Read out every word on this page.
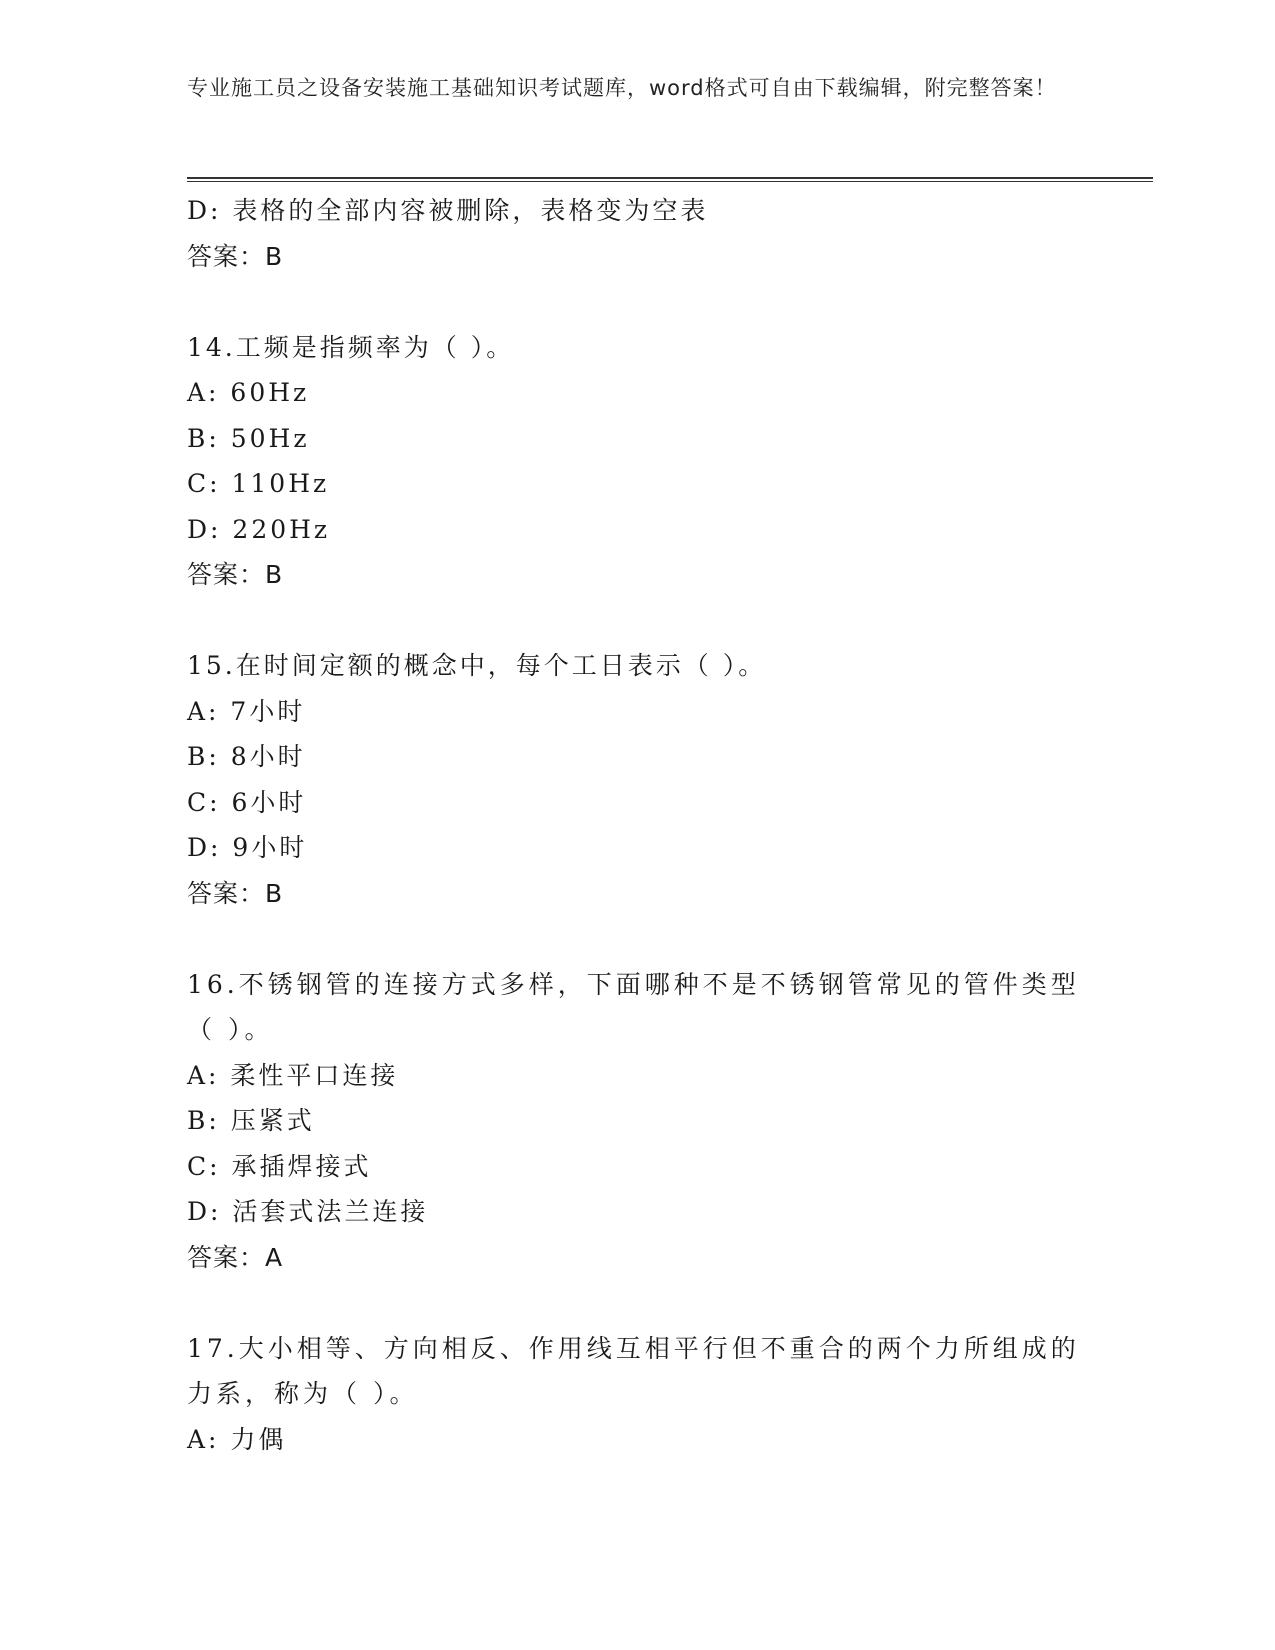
专业施工员之设备安装施工基础知识考试题库，word格式可自由下载编辑，附完整答案！
D: 表格的全部内容被删除，表格变为空表
答案：B
14.工频是指频率为（ ）。
A: 60Hz
B: 50Hz
C: 110Hz
D: 220Hz
答案：B
15.在时间定额的概念中，每个工日表示（ ）。
A: 7小时
B: 8小时
C: 6小时
D: 9小时
答案：B
16.不锈钢管的连接方式多样，下面哪种不是不锈钢管常见的管件类型（ ）。
A: 柔性平口连接
B: 压紧式
C: 承插焊接式
D: 活套式法兰连接
答案：A
17.大小相等、方向相反、作用线互相平行但不重合的两个力所组成的力系，称为（ ）。
A: 力偶
